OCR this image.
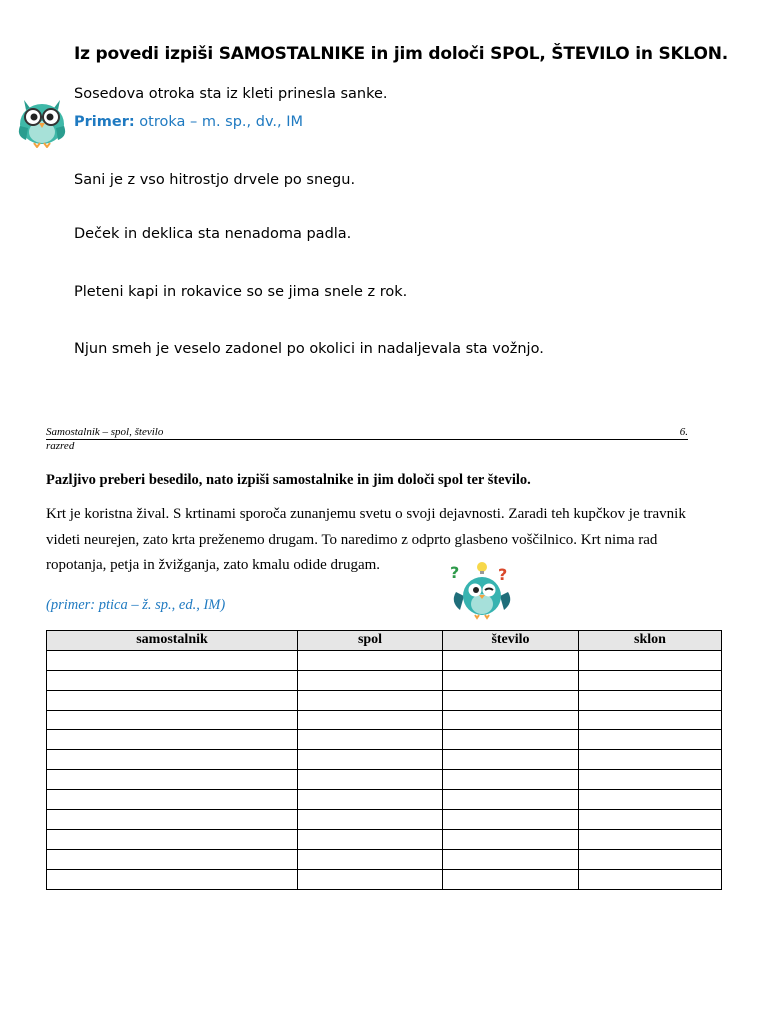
Iz povedi izpiši SAMOSTALNIKE in jim določi SPOL, ŠTEVILO in SKLON.
Sosedova otroka sta iz kleti prinesla sanke.
Primer: otroka – m. sp., dv., IM
Sani je z vso hitrostjo drvele po snegu.
Deček in deklica sta nenadoma padla.
Pleteni kapi in rokavice so se jima snele z rok.
Njun smeh je veselo zadonel po okolici in nadaljevala sta vožnjo.
Samostalnik – spol, število	6.
razred
Pazljivo preberi besedilo, nato izpiši samostalnike in jim določi spol ter število.
Krt je koristna žival. S krtinami sporoča zunanjemu svetu o svoji dejavnosti. Zaradi teh kupčkov je travnik videti neurejen, zato krta preženemo drugam. To naredimo z odprto glasbeno voščilnico. Krt nima rad ropotanja, petja in žvižganja, zato kmalu odide drugam.
(primer: ptica – ž. sp., ed., IM)
? ?
samostalnik	spol	število	sklon
